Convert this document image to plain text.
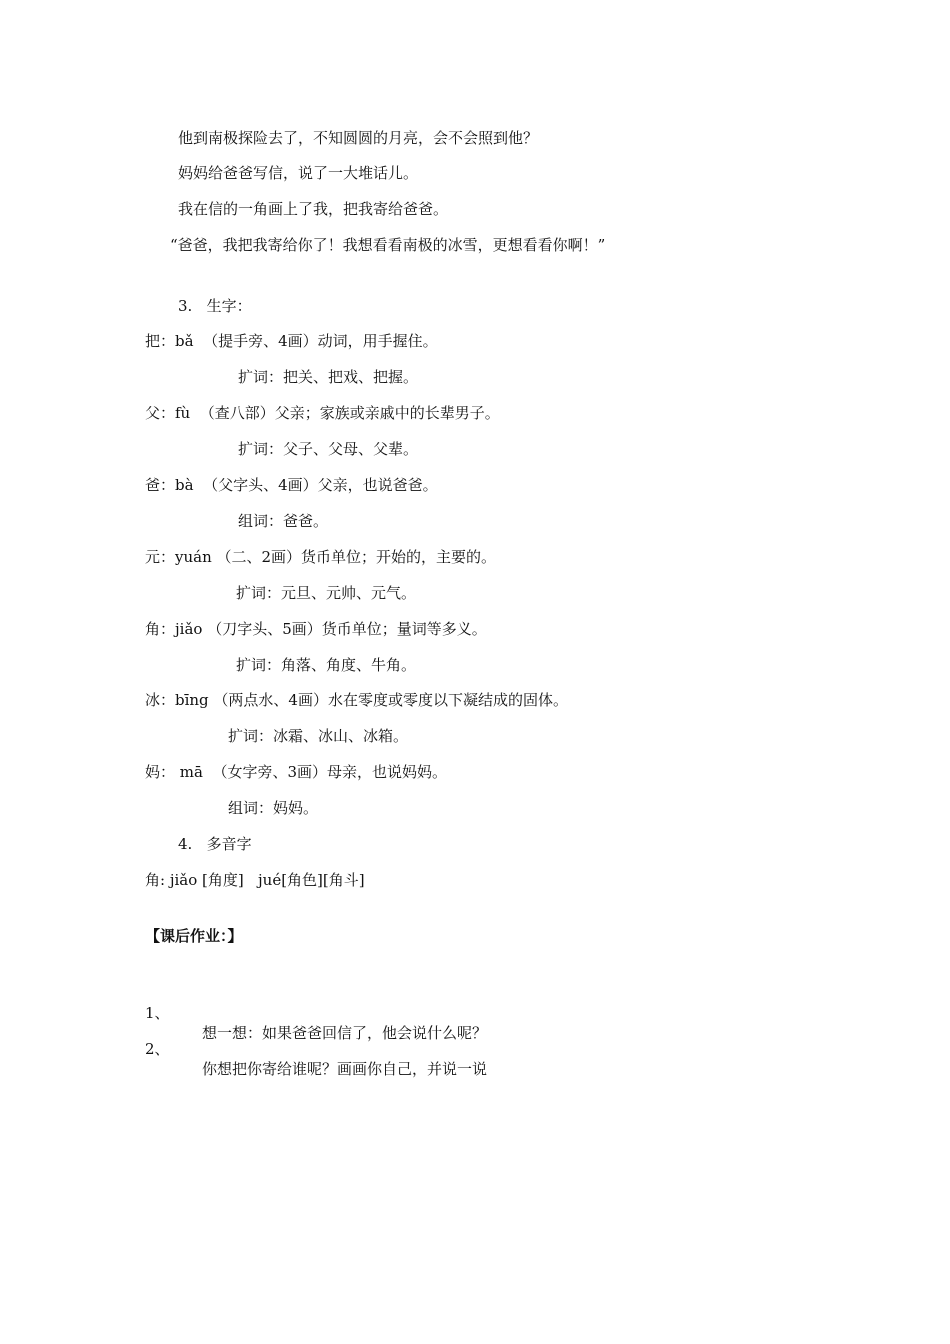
他到南极探险去了，不知圆圆的月亮，会不会照到他？
妈妈给爸爸写信，说了一大堆话儿。
我在信的一角画上了我，把我寄给爸爸。
“爸爸，我把我寄给你了！我想看看南极的冰雪，更想看看你啊！”
3.   生字：
把：bǎ  （提手旁、4画）动词，用手握住。
扩词：把关、把戏、把握。
父：fù  （查八部）父亲；家族或亲戚中的长辈男子。
扩词：父子、父母、父辈。
爸：bà  （父字头、4画）父亲，也说爸爸。
组词：爸爸。
元：yuán （二、2画）货币单位；开始的，主要的。
扩词：元旦、元帅、元气。
角：jiǎo （刀字头、5画）货币单位；量词等多义。
扩词：角落、角度、牛角。
冰：bīng （两点水、4画）水在零度或零度以下凝结成的固体。
扩词：冰霜、冰山、冰箱。
妈： mā  （女字旁、3画）母亲，也说妈妈。
组词：妈妈。
4.   多音字
角: jiǎo [角度]   jué[角色][角斗]
【课后作业：】

1、

想一想：如果爸爸回信了，他会说什么呢？

2、

你想把你寄给谁呢？画画你自己，并说一说
